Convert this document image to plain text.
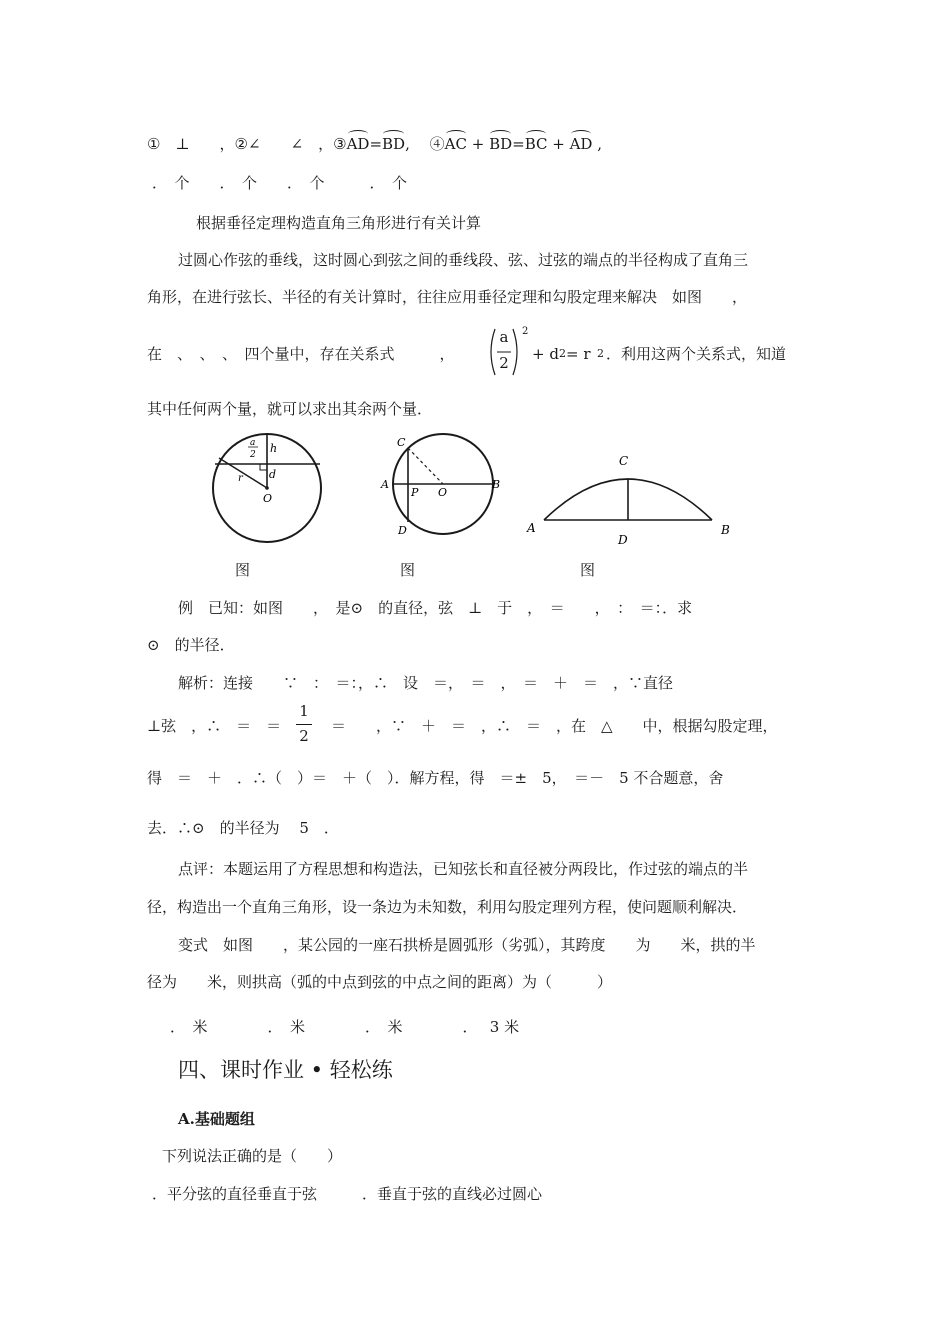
①　⊥　　，②∠　　∠　，③AD=BD,　 ④AC + BD=BC + AD ,
．　个　　．　个　　．　个　　　．　个
根据垂径定理构造直角三角形进行有关计算
过圆心作弦的垂线，这时圆心到弦之间的垂线段、弦、过弦的端点的半径构成了直角三
角形，在进行弦长、半径的有关计算时，往往应用垂径定理和勾股定理来解决　如图　　，
在　、　、　、　四个量中，存在关系式　　　，
a
2
2
+ d 2 = r 2 ．利用这两个关系式，知道
其中任何两个量，就可以求出其余两个量．
a
2 h
d
r
O
C
A
P O
B
D
C
A
D
B
图	图	图
例　已知：如图　　，　是⊙　的直径，弦　⊥　于　，　＝　　，　：　＝：．求
⊙　的半径．
解析：连接　　∵　：　＝：，∴　设　＝，　＝　，　＝　＋　＝　，∵直径
⊥弦　，∴　＝　＝
1
2
　＝　　，∵　＋　＝　，∴　＝　，在　△　　中，根据勾股定理，
得　＝　＋　．∴（　）＝　＋（　）．解方程，得　＝±　5，　＝－　5 不合题意，舍
去．∴⊙　的半径为　 5　．
点评：本题运用了方程思想和构造法，已知弦长和直径被分两段比，作过弦的端点的半
径，构造出一个直角三角形，设一条边为未知数，利用勾股定理列方程，使问题顺利解决．
变式　如图　　，某公园的一座石拱桥是圆弧形（劣弧），其跨度　　为　　米，拱的半
径为　　米，则拱高（弧的中点到弦的中点之间的距离）为（　　　）
．　米　　　　．　米　　　　．　米　　　　．　 3 米
四、课时作业 • 轻松练
A.基础题组
下列说法正确的是（　　）
．平分弦的直径垂直于弦　　　．垂直于弦的直线必过圆心
